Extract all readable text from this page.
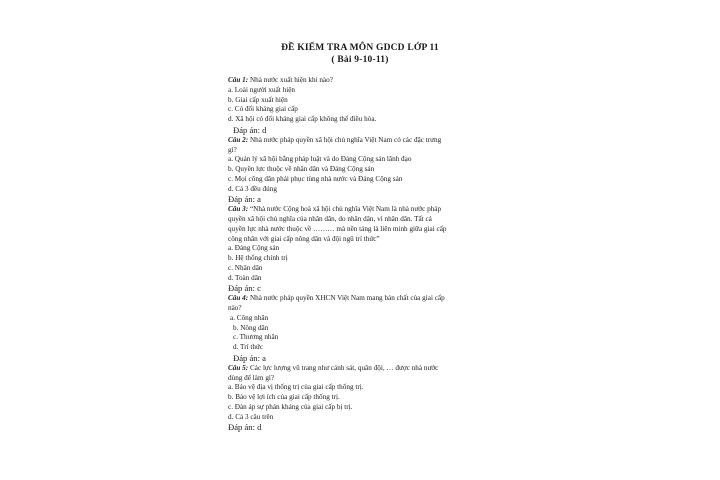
ĐỀ KIỂM TRA MÔN GDCD LỚP 11
( Bài 9-10-11)
Câu 1: Nhà nước xuất hiện khi nào?
a. Loài người xuất hiện
b. Giai cấp xuất hiện
c. Có đối kháng giai cấp
d. Xã hội có đối kháng giai cấp không thể điều hòa.
Đáp án: d
Câu 2: Nhà nước pháp quyền xã hội chủ nghĩa Việt Nam có các đặc trưng
gì?
a. Quản lý xã hội bằng pháp luật và do Đảng Cộng sản lãnh đạo
b. Quyền lực thuộc về nhân dân và Đảng Cộng sản
c. Mọi công dân phải phục tùng nhà nước và Đảng Cộng sản
d. Cả 3 đều đúng
Đáp án: a
Câu 3: “Nhà nước Cộng hoà xã hội chủ nghĩa Việt Nam là nhà nước pháp
quyền xã hội chủ nghĩa của nhân dân, do nhân dân, vì nhân dân. Tất cả
quyền lực nhà nước thuộc về ……… mà nền tảng là liên minh giữa giai cấp
công nhân với giai cấp nông dân và đội ngũ trí thức”
a. Đảng Cộng sản
b. Hệ thống chính trị
c. Nhân dân
d. Toàn dân
Đáp án: c
Câu 4: Nhà nước pháp quyền XHCN Việt Nam mang bản chất của giai cấp
nào?
a. Công nhân
b. Nông dân
c. Thương nhân
d. Trí thức
Đáp án: a
Câu 5: Các lực lượng vũ trang như cảnh sát, quân đội, … được nhà nước
dùng để làm gì?
a. Bảo vệ địa vị thống trị của giai cấp thống trị.
b. Bảo vệ lợi ích của giai cấp thống trị.
c. Đàn áp sự phản kháng của giai cấp bị trị.
d. Cả 3 câu trên
Đáp án: d
